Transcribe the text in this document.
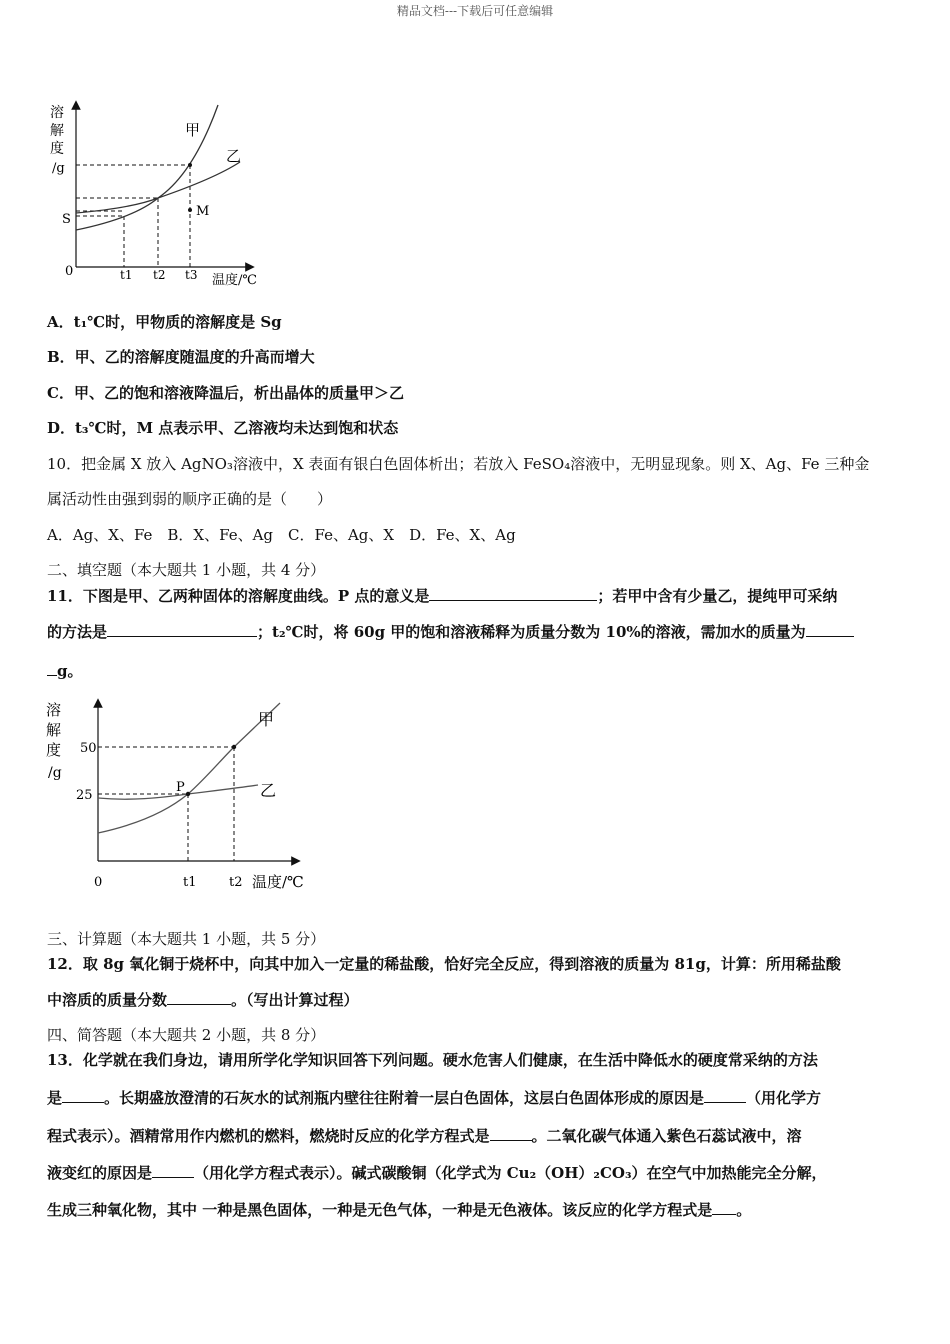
精品文档---下载后可任意编辑
溶
解
度
/g
0
S
M
甲
乙
t1 t2 t3 温度/℃
A．t₁℃时，甲物质的溶解度是 Sg
B．甲、乙的溶解度随温度的升高而增大
C．甲、乙的饱和溶液降温后，析出晶体的质量甲＞乙
D．t₃℃时，M 点表示甲、乙溶液均未达到饱和状态
10．把金属 X 放入 AgNO₃溶液中，X 表面有银白色固体析出；若放入 FeSO₄溶液中，无明显现象。则 X、Ag、Fe 三种金
属活动性由强到弱的顺序正确的是（　　）
A．Ag、X、Fe　B．X、Fe、Ag　C．Fe、Ag、X　D．Fe、X、Ag
二、填空题（本大题共 1 小题，共 4 分）
11．下图是甲、乙两种固体的溶解度曲线。P 点的意义是	；若甲中含有少量乙，提纯甲可采纳
的方法是	；t₂℃时，将 60g 甲的饱和溶液稀释为质量分数为 10%的溶液，需加水的质量为
g。
溶
解
度
/g
0
50
25
P
甲
乙
t1	t2 温度/℃
三、计算题（本大题共 1 小题，共 5 分）
12．取 8g 氧化铜于烧杯中，向其中加入一定量的稀盐酸，恰好完全反应，得到溶液的质量为 81g，计算：所用稀盐酸
中溶质的质量分数	。（写出计算过程）
四、简答题（本大题共 2 小题，共 8 分）
13．化学就在我们身边，请用所学化学知识回答下列问题。硬水危害人们健康，在生活中降低水的硬度常采纳的方法
是	。长期盛放澄清的石灰水的试剂瓶内壁往往附着一层白色固体，这层白色固体形成的原因是	（用化学方
程式表示）。酒精常用作内燃机的燃料，燃烧时反应的化学方程式是	。二氧化碳气体通入紫色石蕊试液中，溶
液变红的原因是	（用化学方程式表示）。碱式碳酸铜（化学式为 Cu₂（OH）₂CO₃）在空气中加热能完全分解，
生成三种氧化物，其中 一种是黑色固体，一种是无色气体，一种是无色液体。该反应的化学方程式是 。
